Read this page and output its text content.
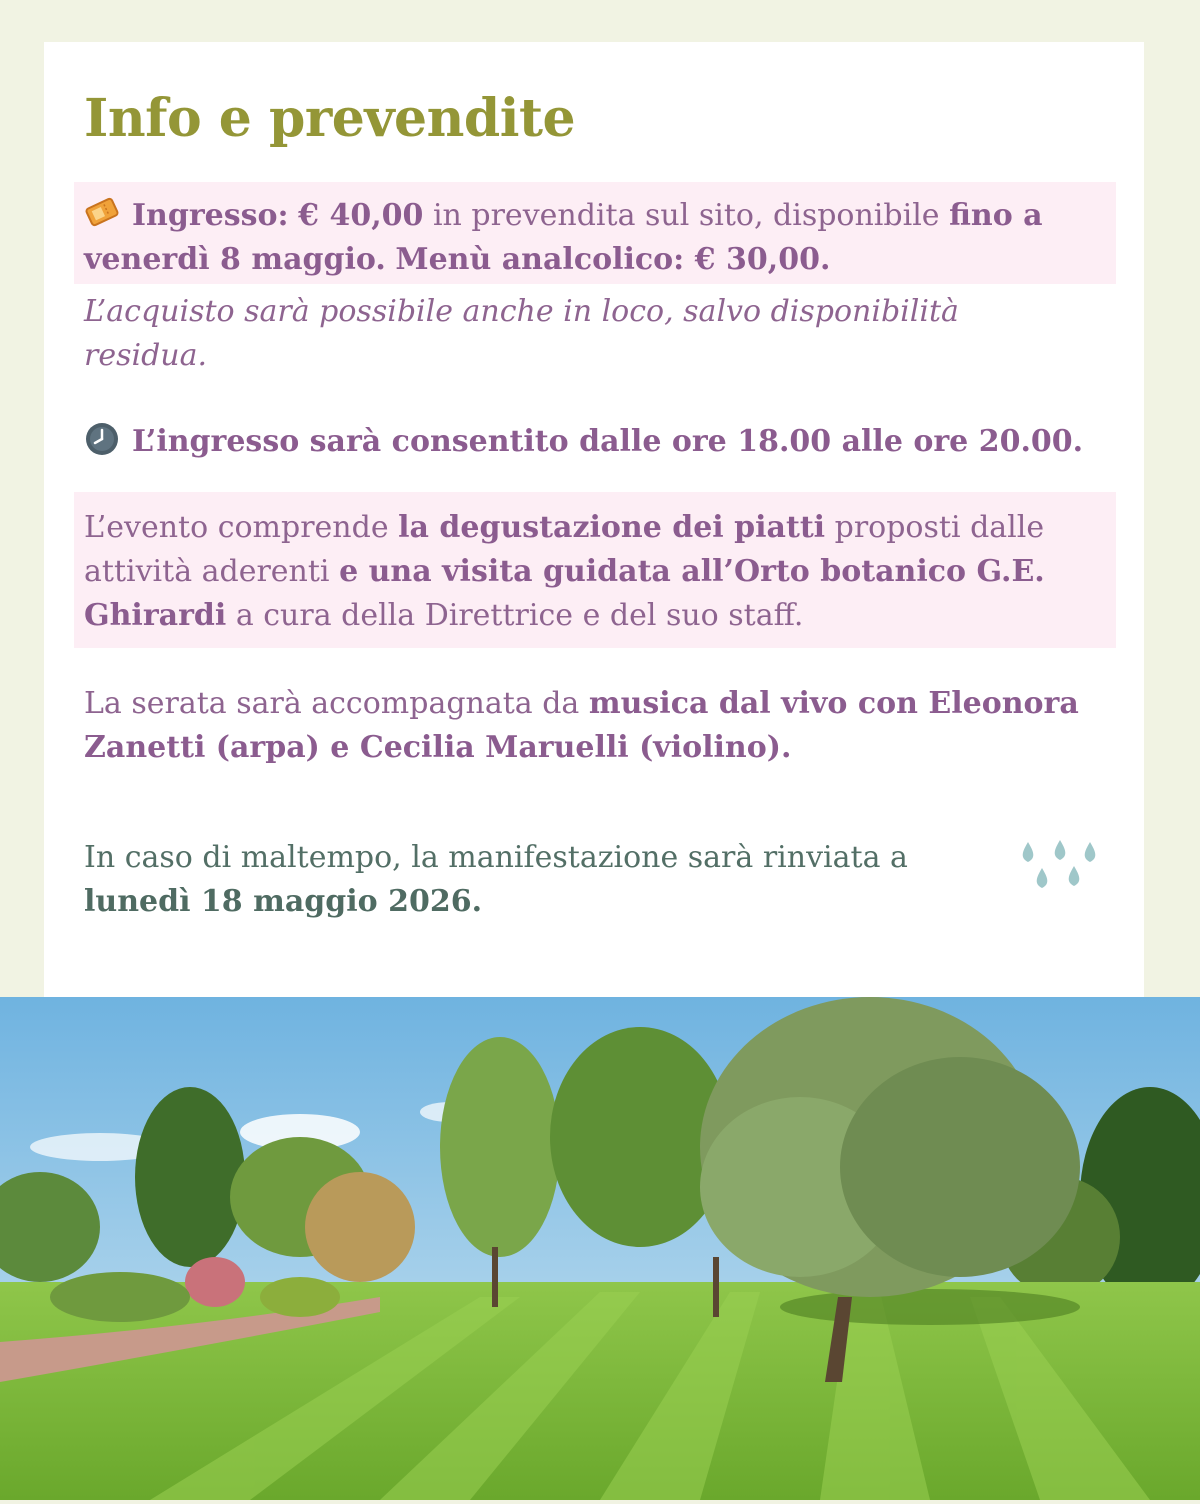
Info e prevendite

Ingresso: € 40,00 in prevendita sul sito, disponibile fino a venerdì 8 maggio. Menù analcolico: € 30,00.

L’acquisto sarà possibile anche in loco, salvo disponibilità residua.

L’ingresso sarà consentito dalle ore 18.00 alle ore 20.00.

L’evento comprende la degustazione dei piatti proposti dalle attività aderenti e una visita guidata all’Orto botanico G.E. Ghirardi a cura della Direttrice e del suo staff.

La serata sarà accompagnata da musica dal vivo con Eleonora Zanetti (arpa) e Cecilia Maruelli (violino).

In caso di maltempo, la manifestazione sarà rinviata a lunedì 18 maggio 2026.
